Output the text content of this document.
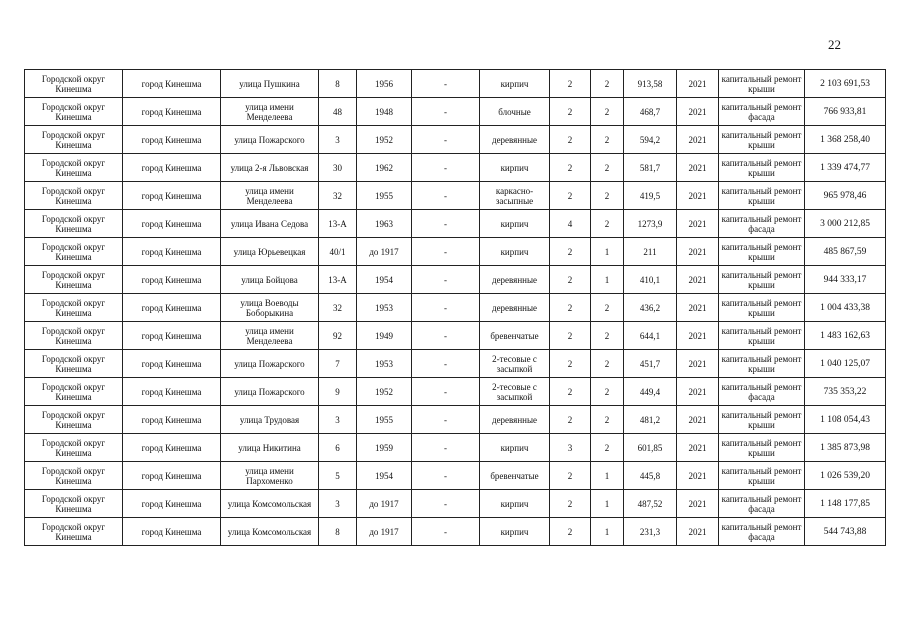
22
Городской округ Кинешма	город Кинешма	улица Пушкина	8	1956	-	кирпич	2	2	913,58	2021	капитальный ремонт крыши	2 103 691,53
Городской округ Кинешма	город Кинешма	улица имени Менделеева	48	1948	-	блочные	2	2	468,7	2021	капитальный ремонт фасада	766 933,81
Городской округ Кинешма	город Кинешма	улица Пожарского	3	1952	-	деревянные	2	2	594,2	2021	капитальный ремонт крыши	1 368 258,40
Городской округ Кинешма	город Кинешма	улица 2-я Львовская	30	1962	-	кирпич	2	2	581,7	2021	капитальный ремонт крыши	1 339 474,77
Городской округ Кинешма	город Кинешма	улица имени Менделеева	32	1955	-	каркасно-засыпные	2	2	419,5	2021	капитальный ремонт крыши	965 978,46
Городской округ Кинешма	город Кинешма	улица Ивана Седова	13-А	1963	-	кирпич	4	2	1273,9	2021	капитальный ремонт фасада	3 000 212,85
Городской округ Кинешма	город Кинешма	улица Юрьевецкая	40/1	до 1917	-	кирпич	2	1	211	2021	капитальный ремонт крыши	485 867,59
Городской округ Кинешма	город Кинешма	улица Бойцова	13-А	1954	-	деревянные	2	1	410,1	2021	капитальный ремонт крыши	944 333,17
Городской округ Кинешма	город Кинешма	улица Воеводы Боборыкина	32	1953	-	деревянные	2	2	436,2	2021	капитальный ремонт крыши	1 004 433,38
Городской округ Кинешма	город Кинешма	улица имени Менделеева	92	1949	-	бревенчатые	2	2	644,1	2021	капитальный ремонт крыши	1 483 162,63
Городской округ Кинешма	город Кинешма	улица Пожарского	7	1953	-	2-тесовые с засыпкой	2	2	451,7	2021	капитальный ремонт крыши	1 040 125,07
Городской округ Кинешма	город Кинешма	улица Пожарского	9	1952	-	2-тесовые с засыпкой	2	2	449,4	2021	капитальный ремонт фасада	735 353,22
Городской округ Кинешма	город Кинешма	улица Трудовая	3	1955	-	деревянные	2	2	481,2	2021	капитальный ремонт крыши	1 108 054,43
Городской округ Кинешма	город Кинешма	улица Никитина	6	1959	-	кирпич	3	2	601,85	2021	капитальный ремонт крыши	1 385 873,98
Городской округ Кинешма	город Кинешма	улица имени Пархоменко	5	1954	-	бревенчатые	2	1	445,8	2021	капитальный ремонт крыши	1 026 539,20
Городской округ Кинешма	город Кинешма	улица Комсомольская	3	до 1917	-	кирпич	2	1	487,52	2021	капитальный ремонт фасада	1 148 177,85
Городской округ Кинешма	город Кинешма	улица Комсомольская	8	до 1917	-	кирпич	2	1	231,3	2021	капитальный ремонт фасада	544 743,88
